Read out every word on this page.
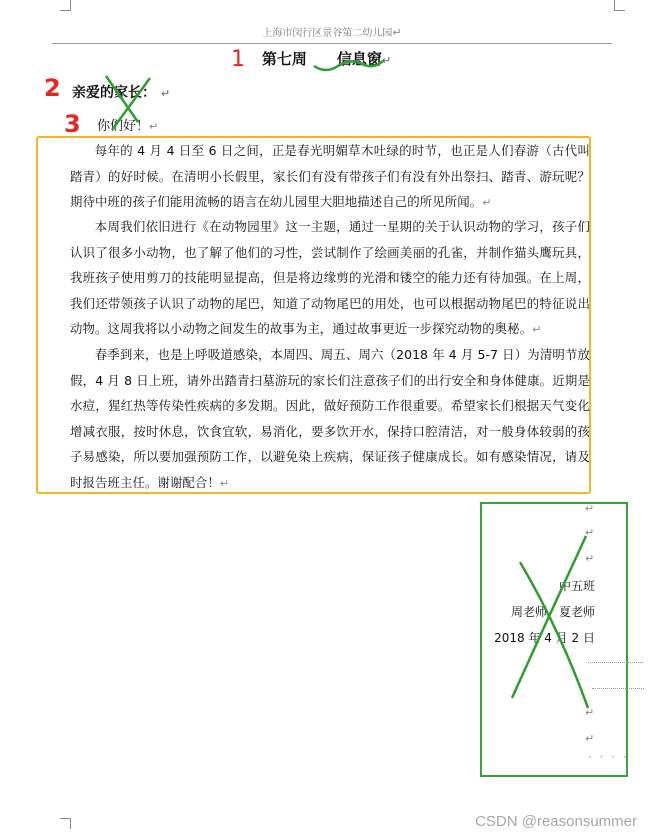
上海市闵行区景谷第二幼儿园↵
第七周　　信息窗↵
亲爱的家长： ↵
你们好！↵
每年的 4 月 4 日至 6 日之间，正是春光明媚草木吐绿的时节，也正是人们春游（古代叫踏青）的好时候。在清明小长假里，家长们有没有带孩子们有没有外出祭扫、踏青、游玩呢？期待中班的孩子们能用流畅的语言在幼儿园里大胆地描述自己的所见所闻。↵
本周我们依旧进行《在动物园里》这一主题，通过一星期的关于认识动物的学习，孩子们认识了很多小动物，也了解了他们的习性，尝试制作了绘画美丽的孔雀，并制作猫头鹰玩具，我班孩子使用剪刀的技能明显提高，但是将边缘剪的光滑和镂空的能力还有待加强。在上周，我们还带领孩子认识了动物的尾巴，知道了动物尾巴的用处，也可以根据动物尾巴的特征说出动物。这周我将以小动物之间发生的故事为主，通过故事更近一步探究动物的奥秘。↵
春季到来，也是上呼吸道感染，本周四、周五、周六（2018 年 4 月 5-7 日）为清明节放假，4 月 8 日上班，请外出踏青扫墓游玩的家长们注意孩子们的出行安全和身体健康。近期是水痘，猩红热等传染性疾病的多发期。因此，做好预防工作很重要。希望家长们根据天气变化增减衣服，按时休息，饮食宜软，易消化，要多饮开水，保持口腔清洁，对一般身体较弱的孩子易感染，所以要加强预防工作，以避免染上疾病，保证孩子健康成长。如有感染情况，请及时报告班主任。谢谢配合！↵
↵
↵
↵
中五班
周老师、夏老师
2018 年 4 月 2 日
↵
↵
· · · ·
1
2
3
CSDN @reasonsummer
